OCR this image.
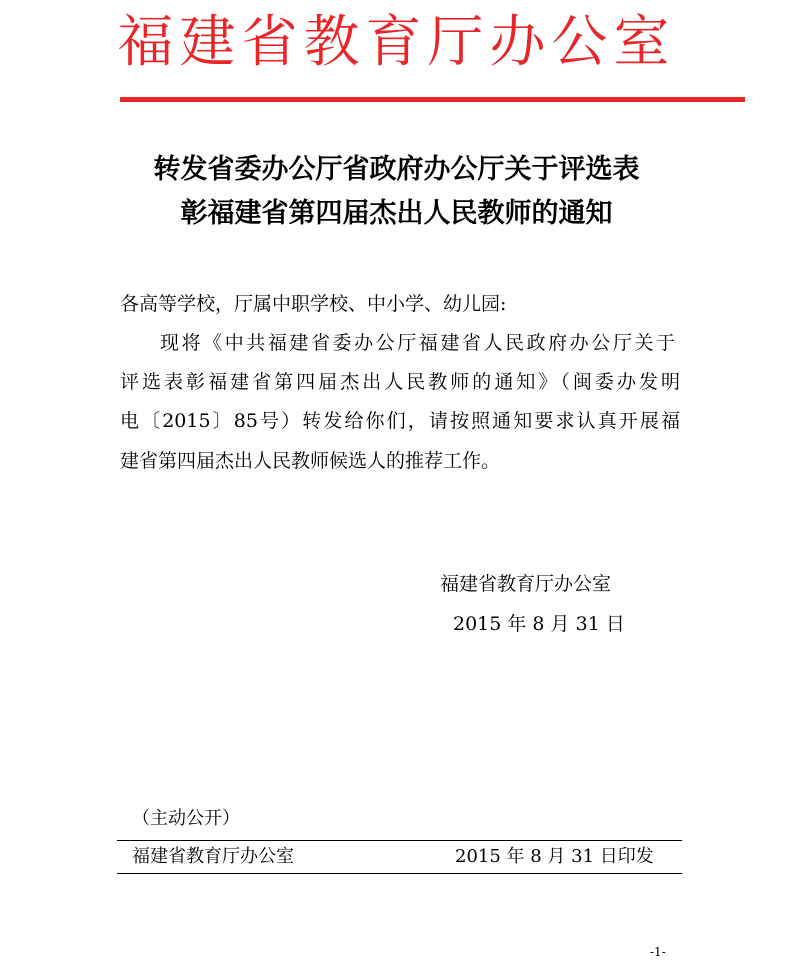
福建省教育厅办公室
转发省委办公厅省政府办公厅关于评选表
彰福建省第四届杰出人民教师的通知
各高等学校，厅属中职学校、中小学、幼儿园:
现将《中共福建省委办公厅福建省人民政府办公厅关于
评选表彰福建省第四届杰出人民教师的通知》（闽委办发明
电〔2015〕85号）转发给你们，请按照通知要求认真开展福
建省第四届杰出人民教师候选人的推荐工作。
福建省教育厅办公室
2015 年 8 月 31 日
（主动公开）
福建省教育厅办公室	2015 年 8 月 31 日印发
-1-
